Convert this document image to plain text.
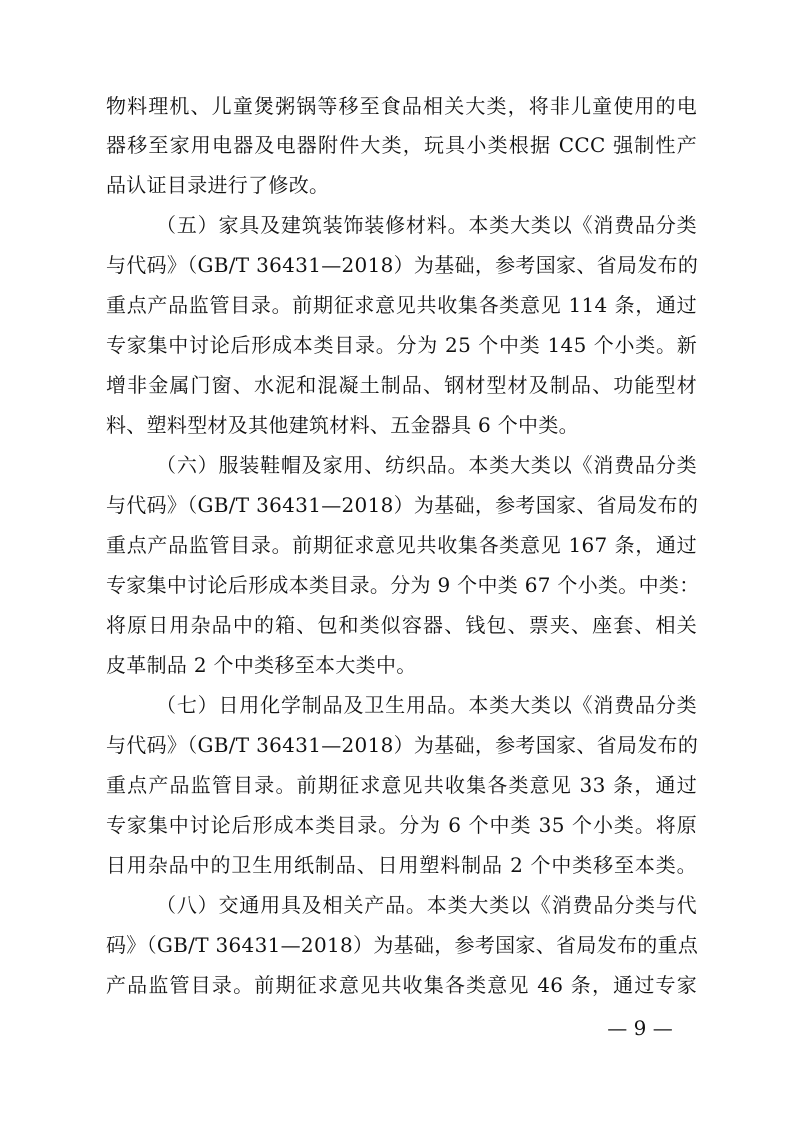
物料理机、儿童煲粥锅等移至食品相关大类，将非儿童使用的电
器移至家用电器及电器附件大类，玩具小类根据 CCC 强制性产
品认证目录进行了修改。
（五）家具及建筑装饰装修材料。本类大类以《消费品分类
与代码》（GB/T 36431—2018）为基础，参考国家、省局发布的
重点产品监管目录。前期征求意见共收集各类意见 114 条，通过
专家集中讨论后形成本类目录。分为 25 个中类 145 个小类。新
增非金属门窗、水泥和混凝土制品、钢材型材及制品、功能型材
料、塑料型材及其他建筑材料、五金器具 6 个中类。
（六）服装鞋帽及家用、纺织品。本类大类以《消费品分类
与代码》（GB/T 36431—2018）为基础，参考国家、省局发布的
重点产品监管目录。前期征求意见共收集各类意见 167 条，通过
专家集中讨论后形成本类目录。分为 9 个中类 67 个小类。中类：
将原日用杂品中的箱、包和类似容器、钱包、票夹、座套、相关
皮革制品 2 个中类移至本大类中。
（七）日用化学制品及卫生用品。本类大类以《消费品分类
与代码》（GB/T 36431—2018）为基础，参考国家、省局发布的
重点产品监管目录。前期征求意见共收集各类意见 33 条，通过
专家集中讨论后形成本类目录。分为 6 个中类 35 个小类。将原
日用杂品中的卫生用纸制品、日用塑料制品 2 个中类移至本类。
（八）交通用具及相关产品。本类大类以《消费品分类与代
码》（GB/T 36431—2018）为基础，参考国家、省局发布的重点
产品监管目录。前期征求意见共收集各类意见 46 条，通过专家
— 9 —
